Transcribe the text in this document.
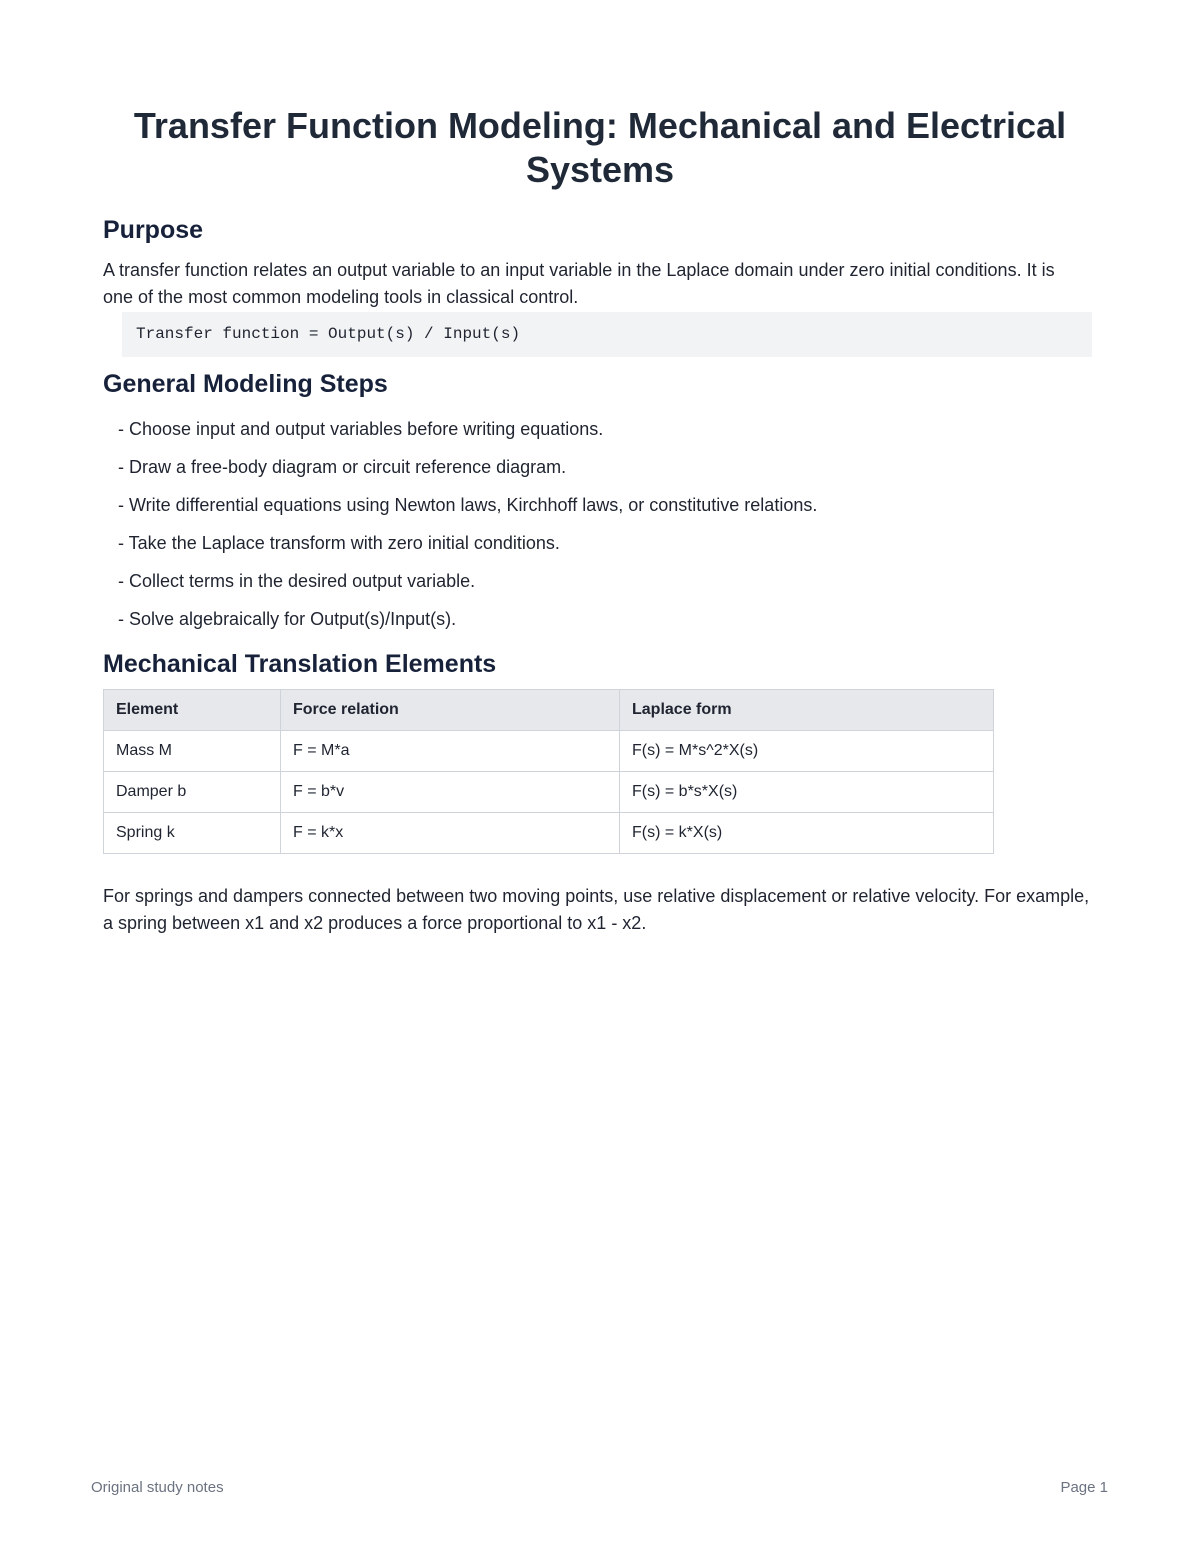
Transfer Function Modeling: Mechanical and Electrical Systems
Purpose

A transfer function relates an output variable to an input variable in the Laplace domain under zero initial conditions. It is one of the most common modeling tools in classical control.

Transfer function = Output(s) / Input(s)
General Modeling Steps
- Choose input and output variables before writing equations.
- Draw a free-body diagram or circuit reference diagram.
- Write differential equations using Newton laws, Kirchhoff laws, or constitutive relations.
- Take the Laplace transform with zero initial conditions.
- Collect terms in the desired output variable.
- Solve algebraically for Output(s)/Input(s).
Mechanical Translation Elements
Element	Force relation	Laplace form
Mass M	F = M*a	F(s) = M*s^2*X(s)
Damper b	F = b*v	F(s) = b*s*X(s)
Spring k	F = k*x	F(s) = k*X(s)

For springs and dampers connected between two moving points, use relative displacement or relative velocity. For example, a spring between x1 and x2 produces a force proportional to x1 - x2.

Original study notes	Page 1
